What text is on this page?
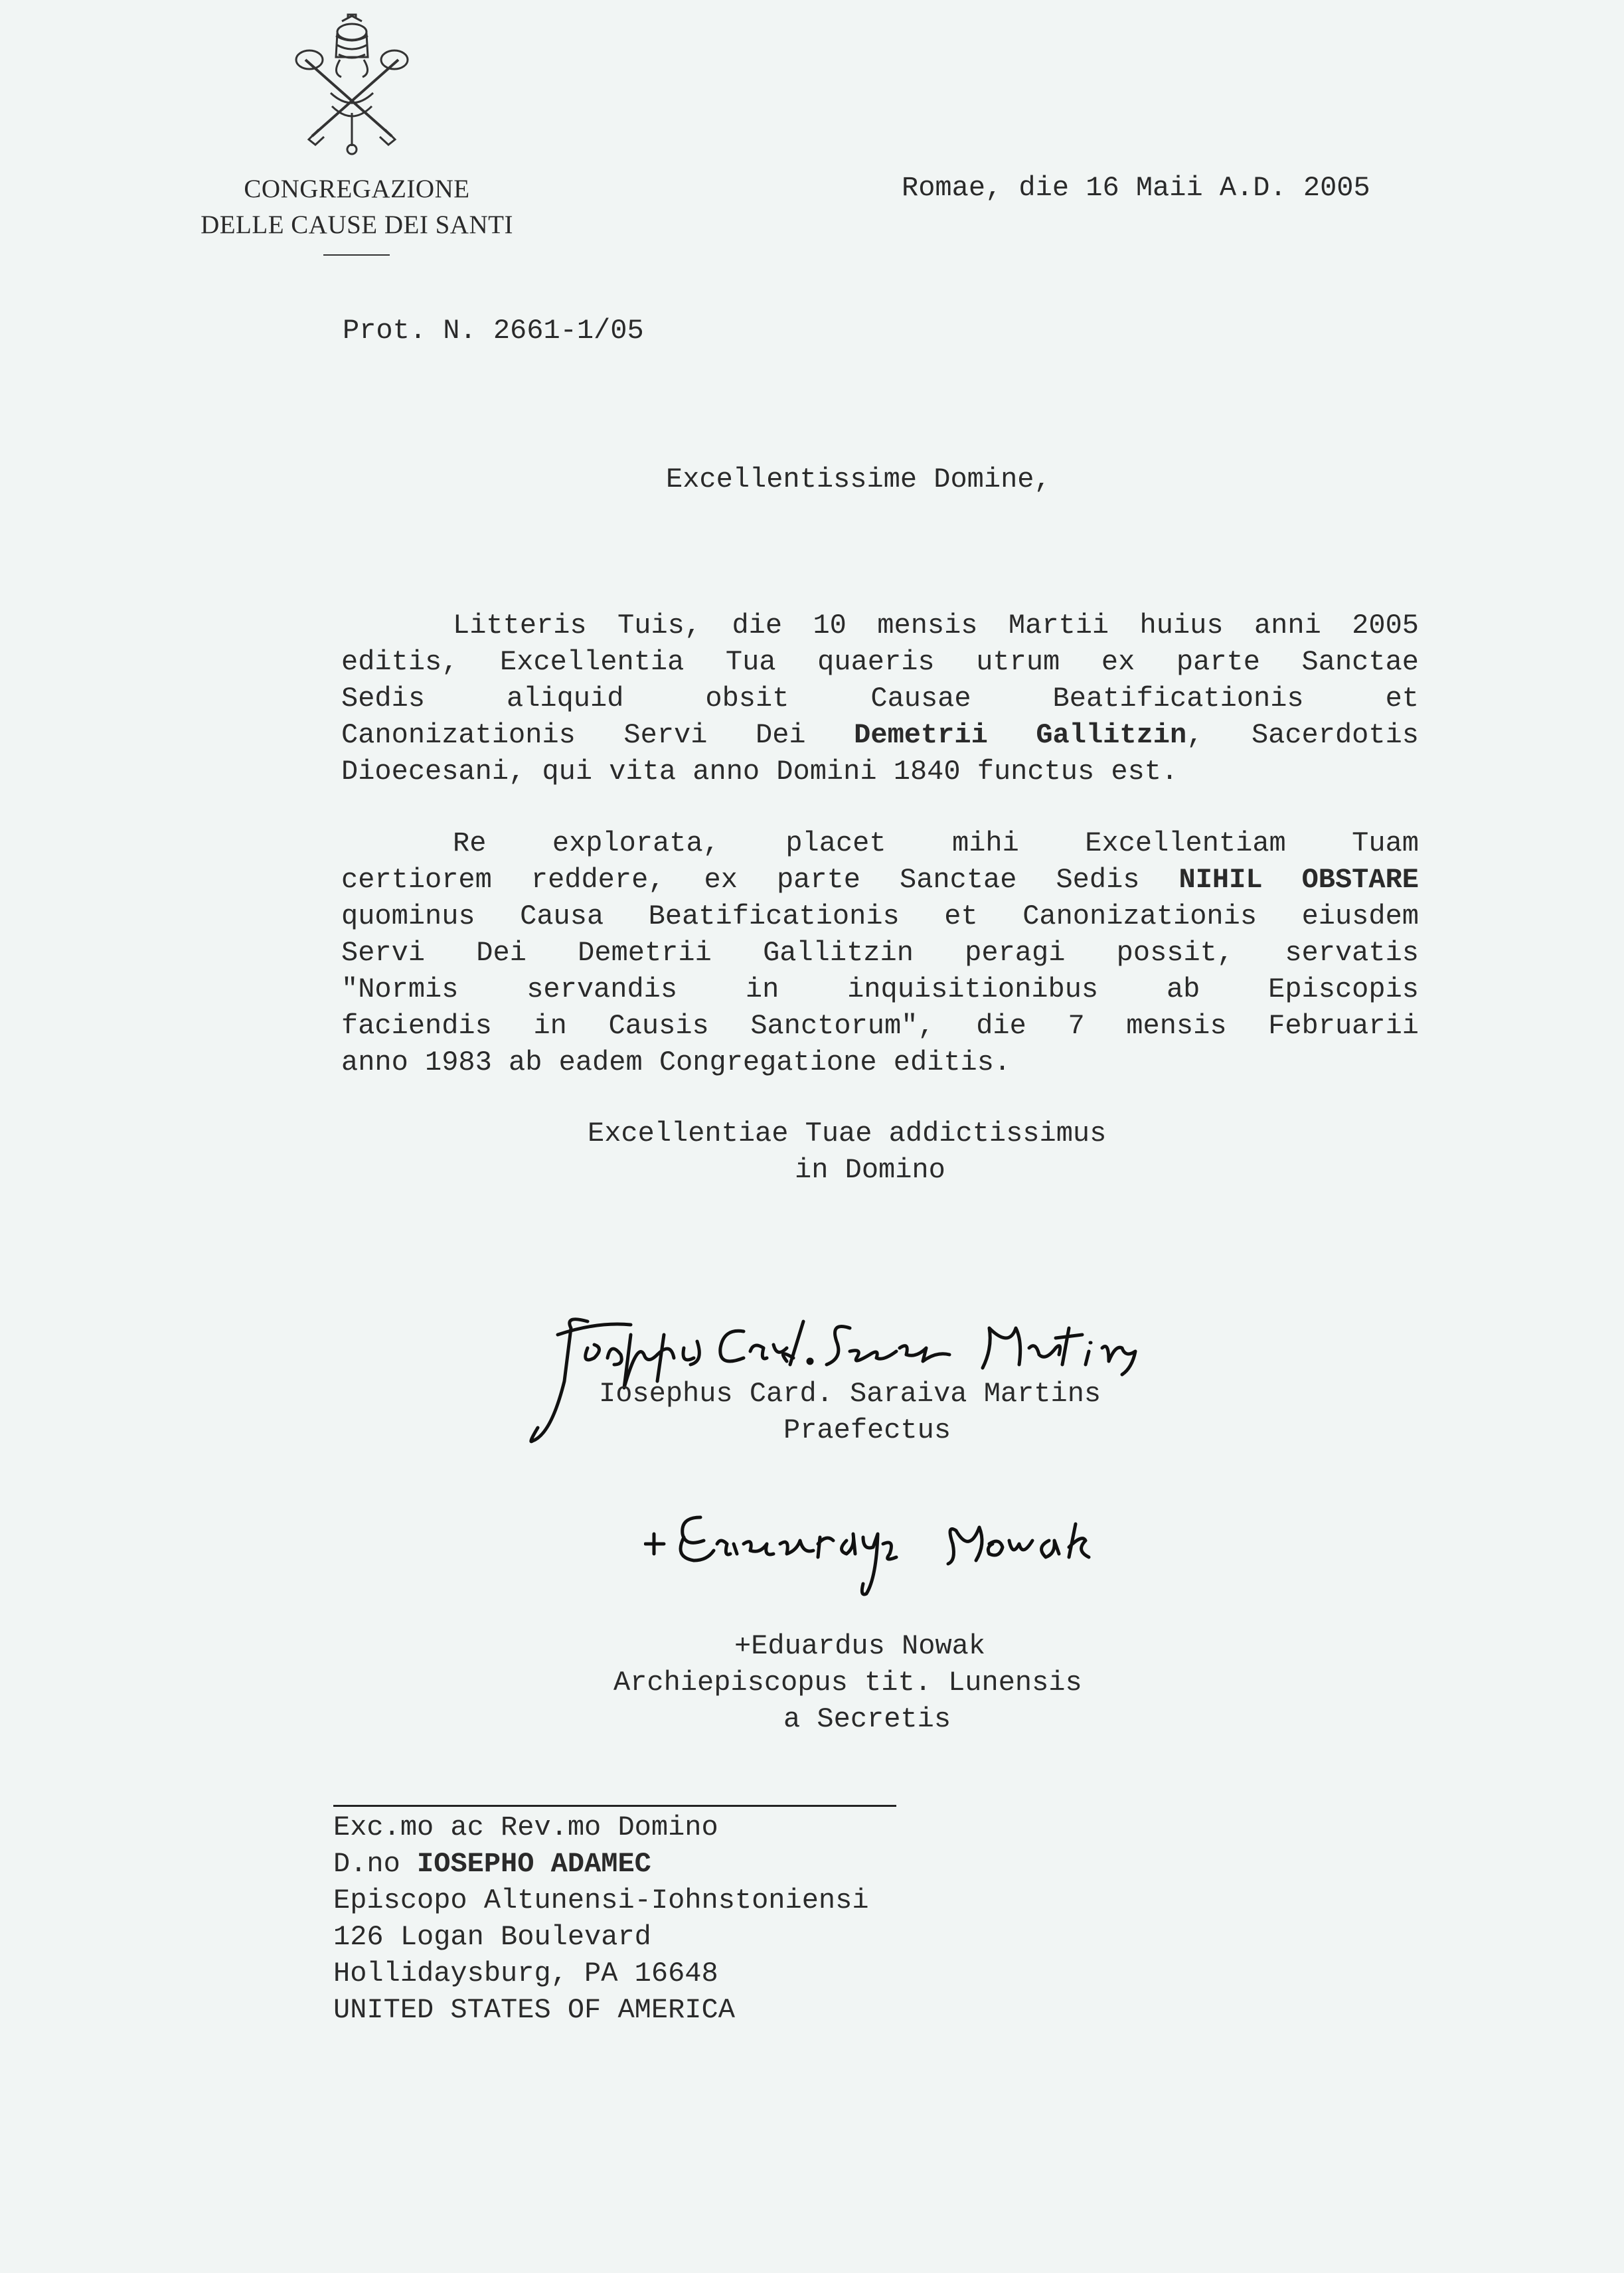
CONGREGAZIONE
DELLE CAUSE DEI SANTI
Romae, die 16 Maii A.D. 2005
Prot. N. 2661-1/05
Excellentissime Domine,
Litteris Tuis, die 10 mensis Martii huius anni 2005
editis, Excellentia Tua quaeris utrum ex parte Sanctae
Sedis aliquid obsit Causae Beatificationis et
Canonizationis Servi Dei Demetrii Gallitzin, Sacerdotis
Dioecesani, qui vita anno Domini 1840 functus est.
Re explorata, placet mihi Excellentiam Tuam
certiorem reddere, ex parte Sanctae Sedis NIHIL OBSTARE
quominus Causa Beatificationis et Canonizationis eiusdem
Servi Dei Demetrii Gallitzin peragi possit, servatis
"Normis servandis in inquisitionibus ab Episcopis
faciendis in Causis Sanctorum", die 7 mensis Februarii
anno 1983 ab eadem Congregatione editis.
Excellentiae Tuae addictissimus
in Domino
Iosephus Card. Saraiva Martins
Praefectus
+Eduardus Nowak
Archiepiscopus tit. Lunensis
a Secretis
Exc.mo ac Rev.mo Domino
D.no IOSEPHO ADAMEC
Episcopo Altunensi-Iohnstoniensi
126 Logan Boulevard
Hollidaysburg, PA 16648
UNITED STATES OF AMERICA
